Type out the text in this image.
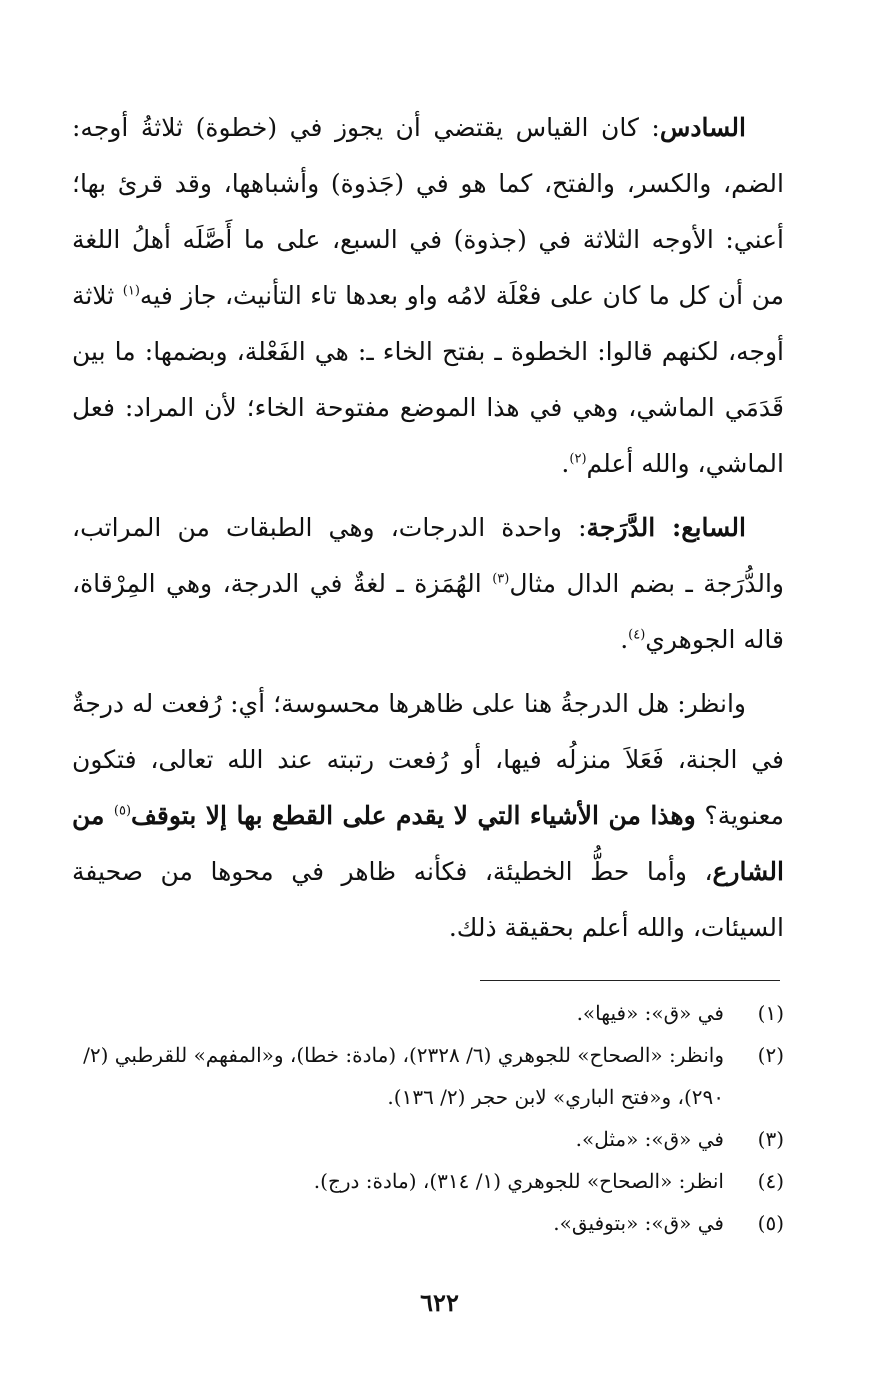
السادس: كان القياس يقتضي أن يجوز في (خطوة) ثلاثةُ أوجه: الضم، والكسر، والفتح، كما هو في (جَذوة) وأشباهها، وقد قرئ بها؛ أعني: الأوجه الثلاثة في (جذوة) في السبع، على ما أَصَّلَه أهلُ اللغة من أن كل ما كان على فعْلَة لامُه واو بعدها تاء التأنيث، جاز فيه$^{(١)}$ ثلاثة أوجه، لكنهم قالوا: الخطوة ـ بفتح الخاء ـ: هي الفَعْلة، وبضمها: ما بين قَدَمَي الماشي، وهي في هذا الموضع مفتوحة الخاء؛ لأن المراد: فعل الماشي، والله أعلم$^{(٢)}$.

السابع: الدَّرَجة: واحدة الدرجات، وهي الطبقات من المراتب، والدُّرَجة ـ بضم الدال مثال$^{(٣)}$ الهُمَزة ـ لغةٌ في الدرجة، وهي المِرْقاة، قاله الجوهري$^{(٤)}$.

وانظر: هل الدرجةُ هنا على ظاهرها محسوسة؛ أي: رُفعت له درجةٌ في الجنة، فَعَلاَ منزلُه فيها، أو رُفعت رتبته عند الله تعالى، فتكون معنوية؟ وهذا من الأشياء التي لا يقدم على القطع بها إلا بتوقف$^{(٥)}$ من الشارع، وأما حطُّ الخطيئة، فكأنه ظاهر في محوها من صحيفة السيئات، والله أعلم بحقيقة ذلك.

(١)
في «ق»: «فيها».
(٢)
وانظر: «الصحاح» للجوهري (٦/ ٢٣٢٨)، (مادة: خطا)، و«المفهم» للقرطبي (٢/ ٢٩٠)، و«فتح الباري» لابن حجر (٢/ ١٣٦).
(٣)
في «ق»: «مثل».
(٤)
انظر: «الصحاح» للجوهري (١/ ٣١٤)، (مادة: درج).
(٥)
في «ق»: «بتوفيق».
٦٢٢
